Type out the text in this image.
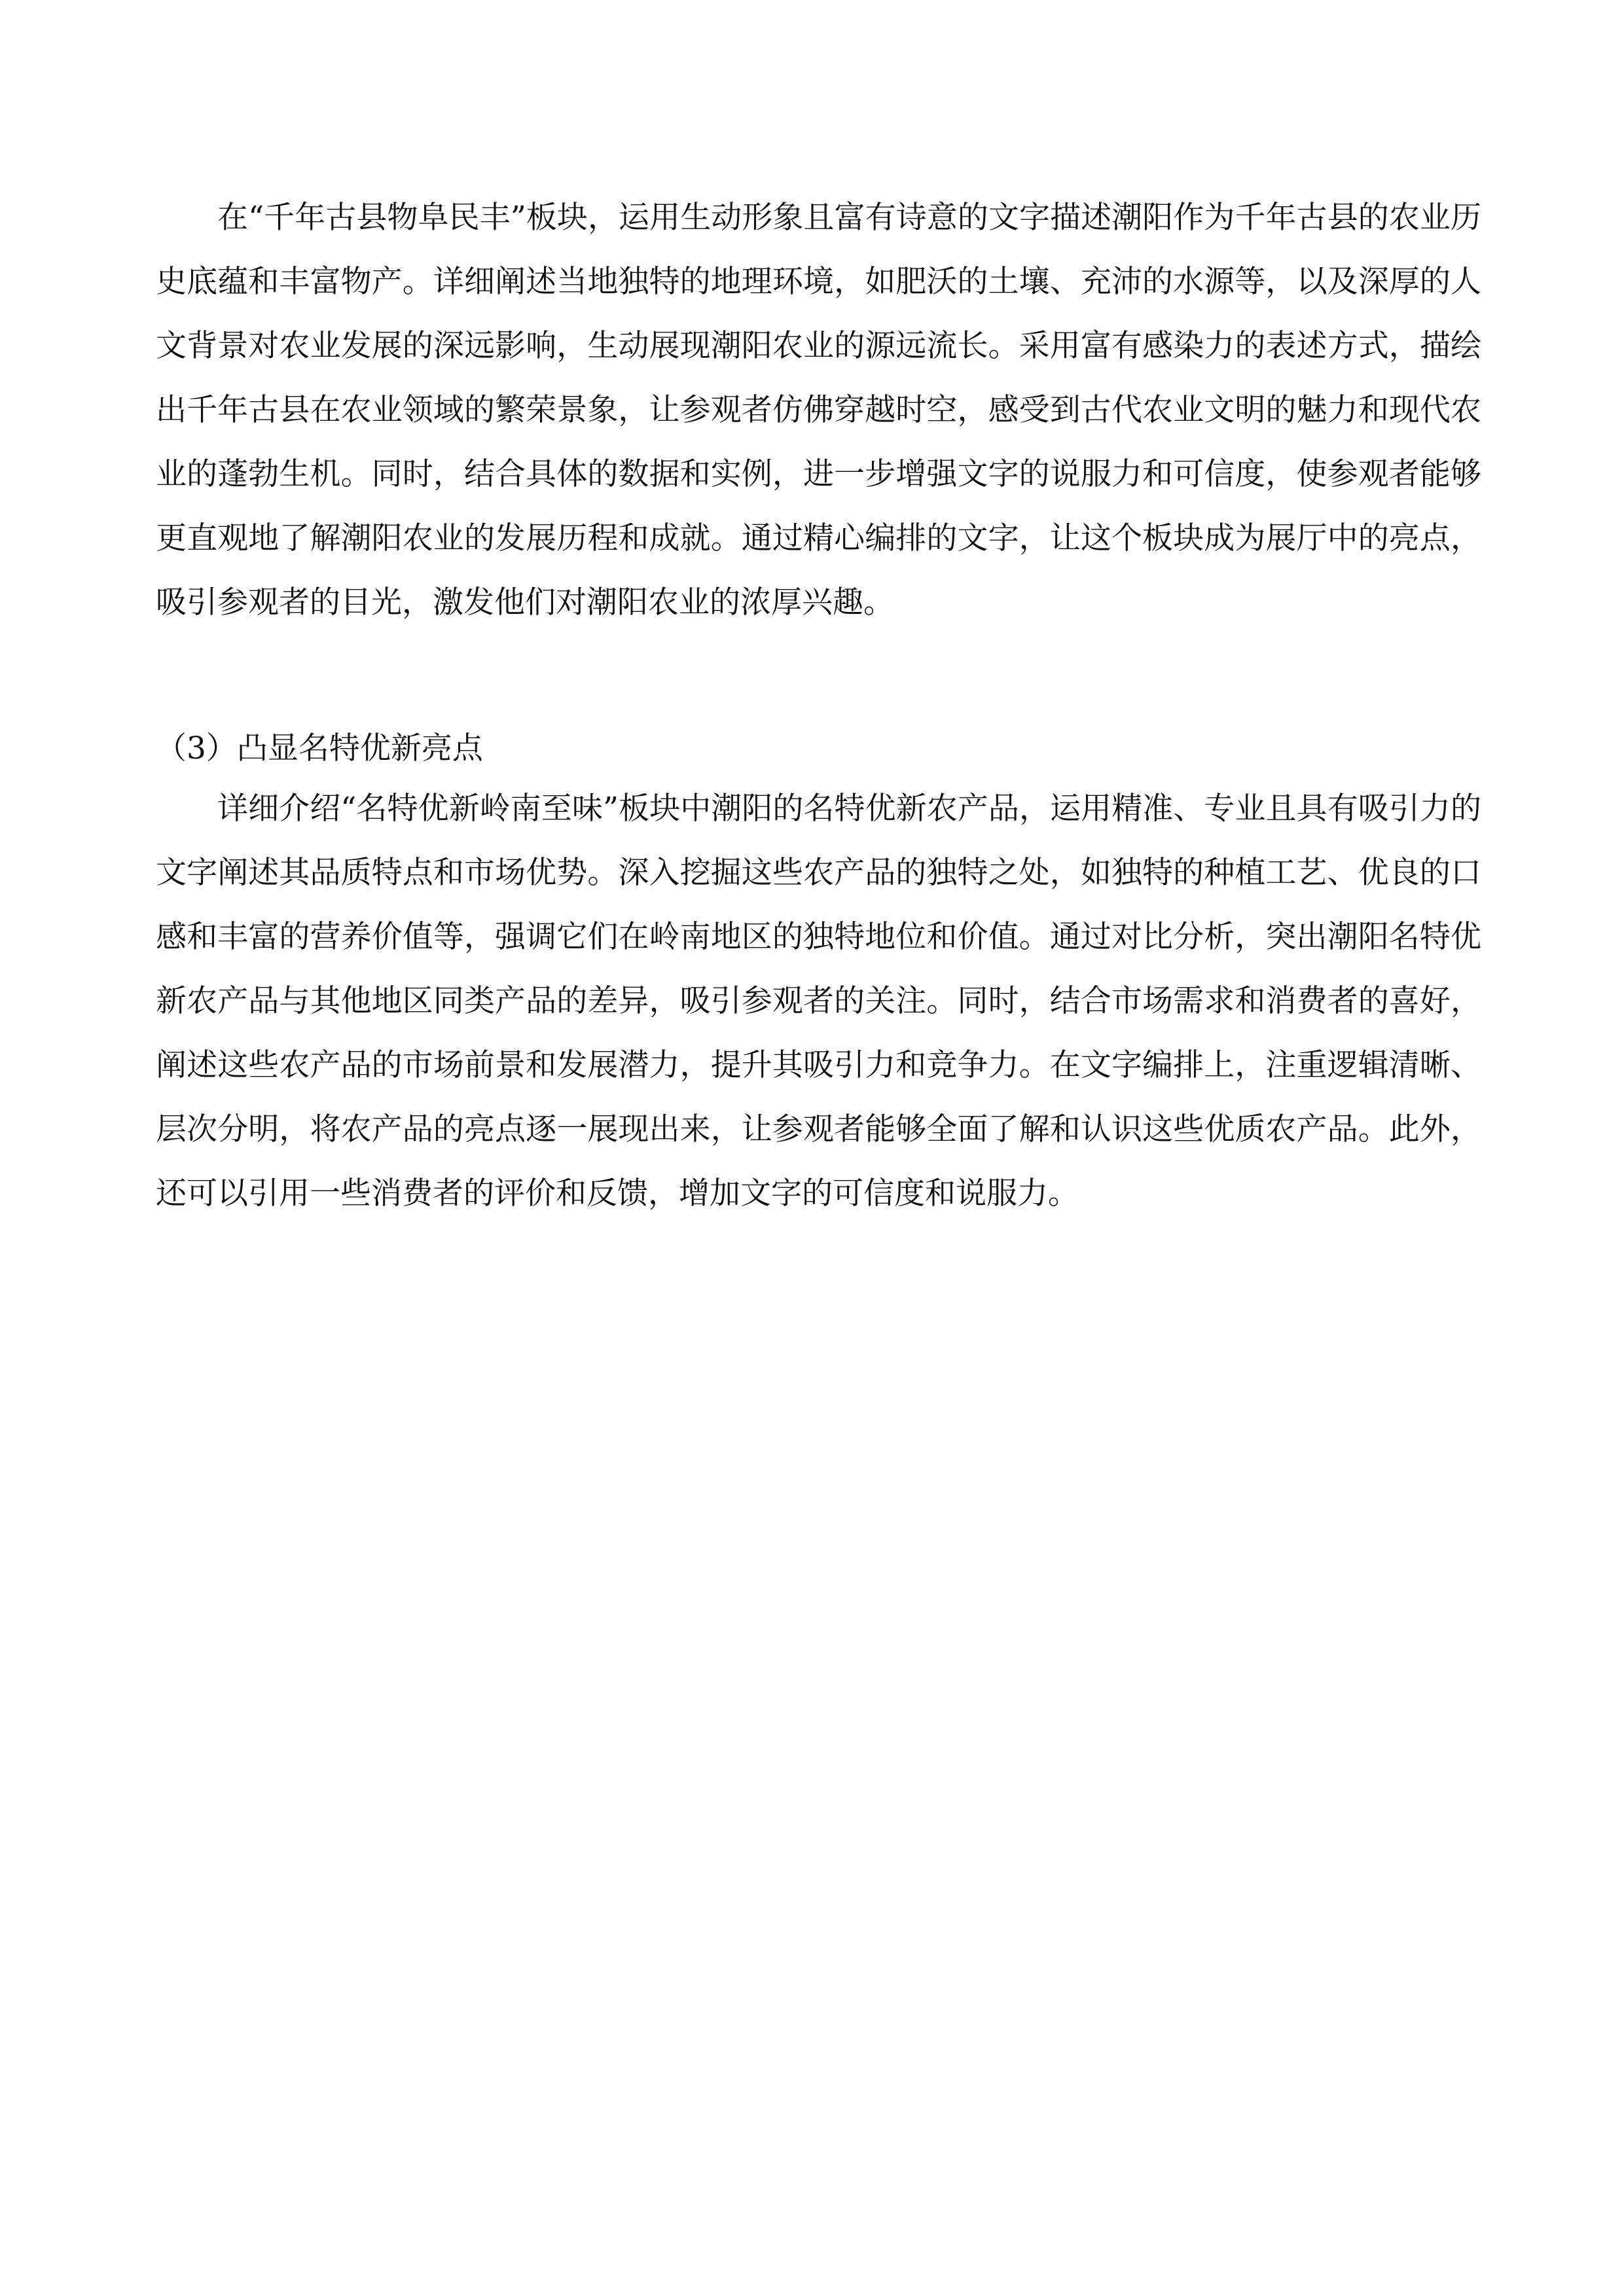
在“千年古县物阜民丰”板块，运用生动形象且富有诗意的文字描述潮阳作为千年古县的农业历史底蕴和丰富物产。详细阐述当地独特的地理环境，如肥沃的土壤、充沛的水源等，以及深厚的人文背景对农业发展的深远影响，生动展现潮阳农业的源远流长。采用富有感染力的表述方式，描绘出千年古县在农业领域的繁荣景象，让参观者仿佛穿越时空，感受到古代农业文明的魅力和现代农业的蓬勃生机。同时，结合具体的数据和实例，进一步增强文字的说服力和可信度，使参观者能够更直观地了解潮阳农业的发展历程和成就。通过精心编排的文字，让这个板块成为展厅中的亮点，吸引参观者的目光，激发他们对潮阳农业的浓厚兴趣。

（3）凸显名特优新亮点

详细介绍“名特优新岭南至味”板块中潮阳的名特优新农产品，运用精准、专业且具有吸引力的文字阐述其品质特点和市场优势。深入挖掘这些农产品的独特之处，如独特的种植工艺、优良的口感和丰富的营养价值等，强调它们在岭南地区的独特地位和价值。通过对比分析，突出潮阳名特优新农产品与其他地区同类产品的差异，吸引参观者的关注。同时，结合市场需求和消费者的喜好，阐述这些农产品的市场前景和发展潜力，提升其吸引力和竞争力。在文字编排上，注重逻辑清晰、层次分明，将农产品的亮点逐一展现出来，让参观者能够全面了解和认识这些优质农产品。此外，还可以引用一些消费者的评价和反馈，增加文字的可信度和说服力。
